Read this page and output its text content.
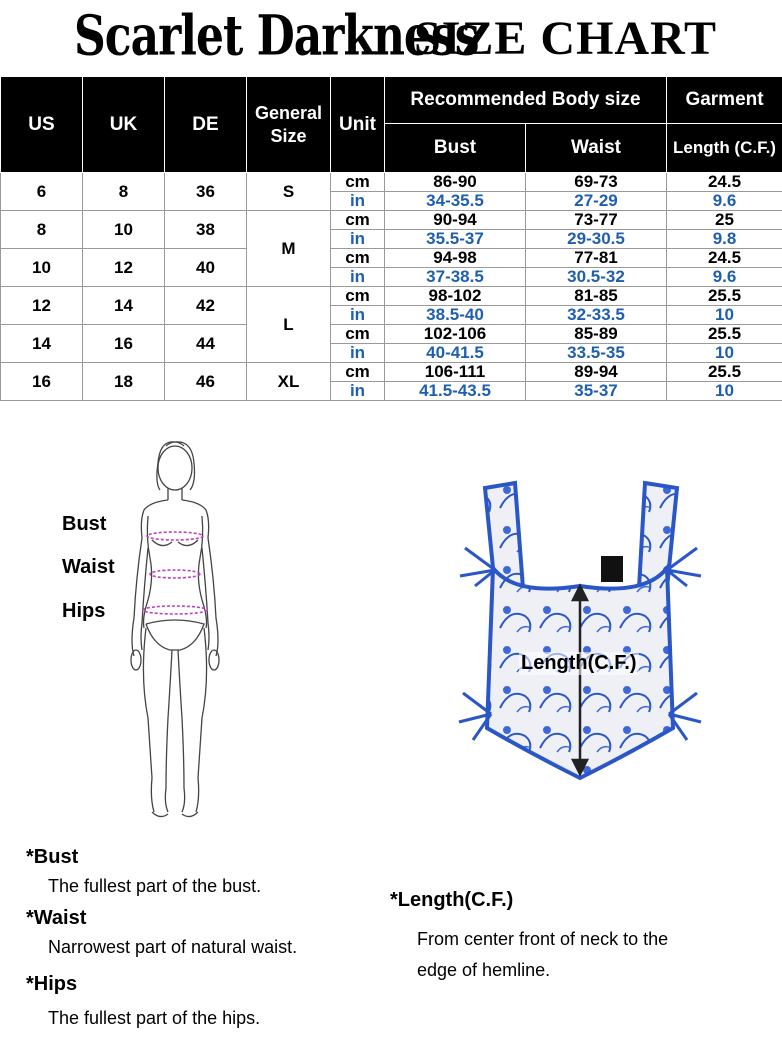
Scarlet Darkness
SIZE CHART
US	UK	DE	General Size	Unit	Recommended Body size		Garment
					Bust	Waist	Length (C.F.)
6	8	36	S	cm	86-90	69-73	24.5
				in	34-35.5	27-29	9.6
8	10	38	M	cm	90-94	73-77	25
				in	35.5-37	29-30.5	9.8
10	12	40		cm	94-98	77-81	24.5
				in	37-38.5	30.5-32	9.6
12	14	42	L	cm	98-102	81-85	25.5
				in	38.5-40	32-33.5	10
14	16	44		cm	102-106	85-89	25.5
				in	40-41.5	33.5-35	10
16	18	46	XL	cm	106-111	89-94	25.5
				in	41.5-43.5	35-37	10
Bust
Waist
Hips
Length(C.F.)
*Bust
The fullest part of the bust.
*Waist
Narrowest part of natural waist.
*Hips
The fullest part of the hips.
*Length(C.F.)
From center front of neck to the
edge of hemline.
